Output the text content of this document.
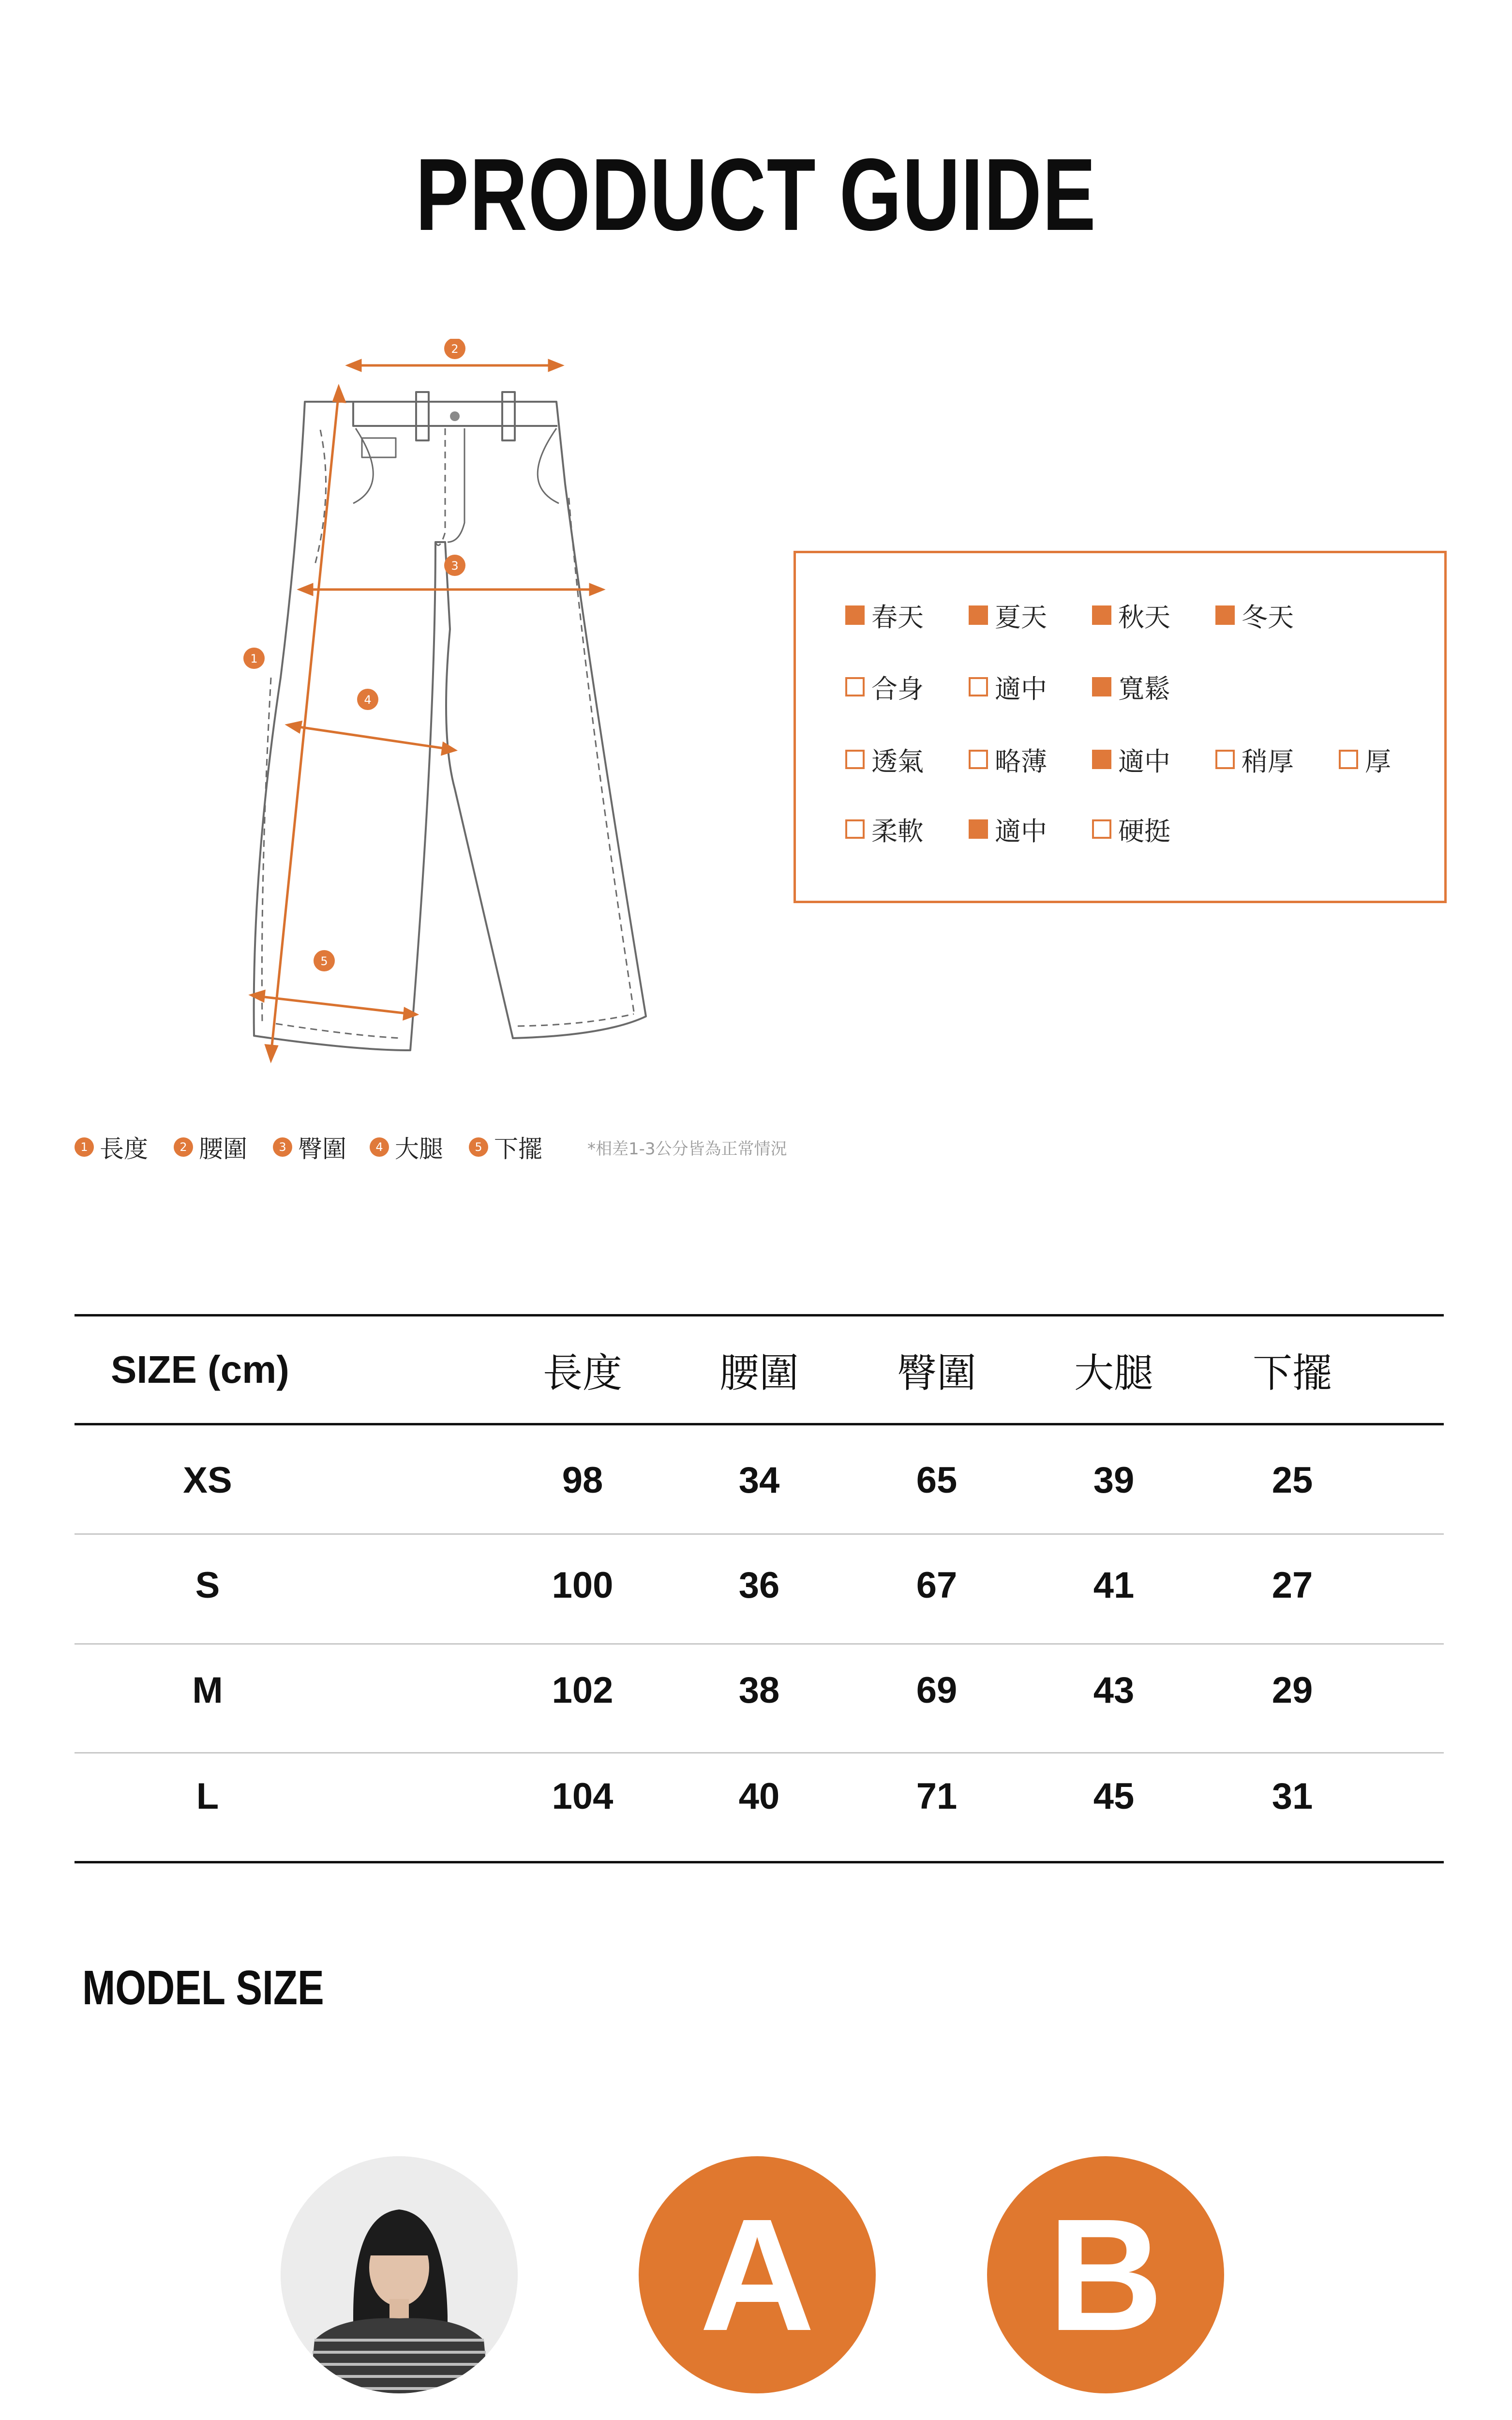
PRODUCT GUIDE
1
2
3
4
5
春天	夏天	秋天	冬天
合身	適中	寬鬆
透氣	略薄	適中	稍厚	厚
柔軟	適中	硬挺
1 長度	2 腰圍	3 臀圍	4 大腿	5 下擺	*相差1-3公分皆為正常情況
SIZE (cm)	長度	腰圍	臀圍	大腿	下擺
XS	98	34	65	39	25
S	100	36	67	41	27
M	102	38	69	43	29
L	104	40	71	45	31
MODEL SIZE
A B
